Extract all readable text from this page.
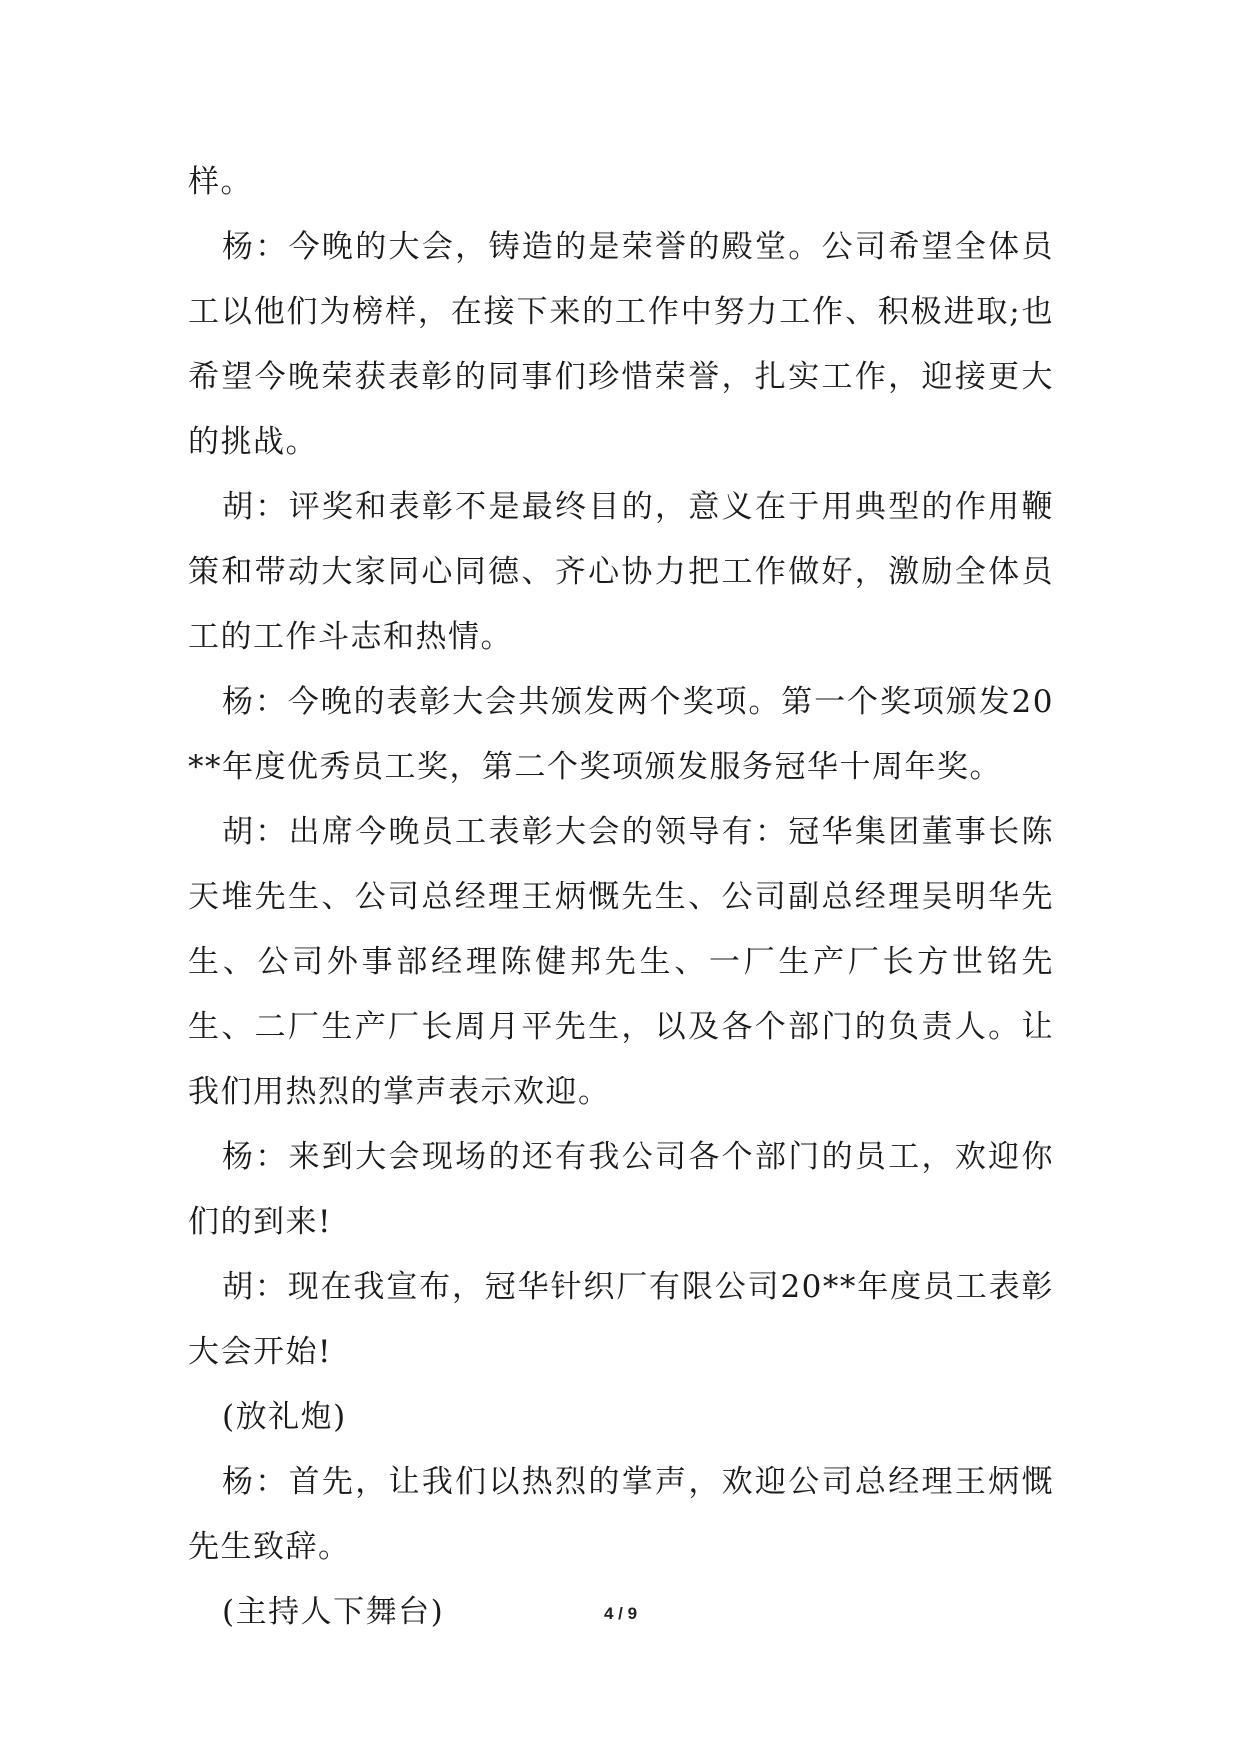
样。

杨：今晚的大会，铸造的是荣誉的殿堂。公司希望全体员工以他们为榜样，在接下来的工作中努力工作、积极进取;也希望今晚荣获表彰的同事们珍惜荣誉，扎实工作，迎接更大的挑战。

胡：评奖和表彰不是最终目的，意义在于用典型的作用鞭策和带动大家同心同德、齐心协力把工作做好，激励全体员工的工作斗志和热情。

杨：今晚的表彰大会共颁发两个奖项。第一个奖项颁发20**年度优秀员工奖，第二个奖项颁发服务冠华十周年奖。

胡：出席今晚员工表彰大会的领导有：冠华集团董事长陈天堆先生、公司总经理王炳慨先生、公司副总经理吴明华先生、公司外事部经理陈健邦先生、一厂生产厂长方世铭先生、二厂生产厂长周月平先生，以及各个部门的负责人。让我们用热烈的掌声表示欢迎。

杨：来到大会现场的还有我公司各个部门的员工，欢迎你们的到来!

胡：现在我宣布，冠华针织厂有限公司20**年度员工表彰大会开始!

(放礼炮)

杨：首先，让我们以热烈的掌声，欢迎公司总经理王炳慨先生致辞。

(主持人下舞台)	4 / 9
